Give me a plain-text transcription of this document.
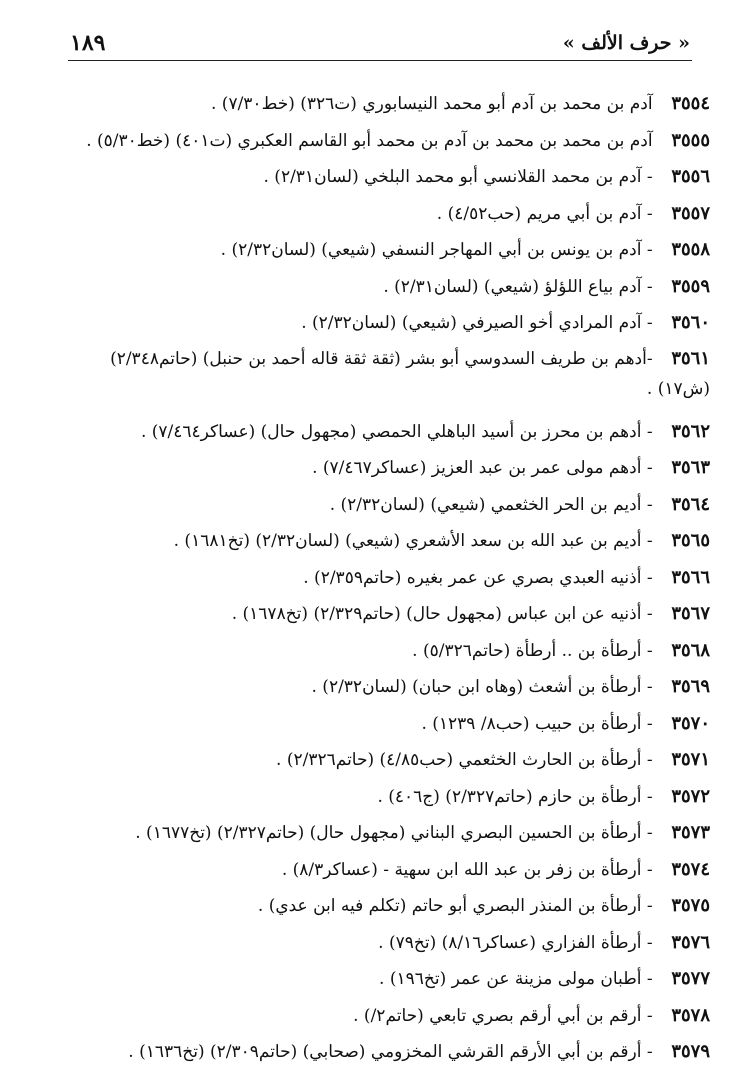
« حرف الألف »
١٨٩
٣٥٥٤ آدم بن محمد بن آدم أبو محمد النيسابوري (ت٣٢٦) (خط٧/٣٠) .
٣٥٥٥ آدم بن محمد بن محمد بن آدم بن محمد أبو القاسم العكبري (ت٤٠١) (خط٥/٣٠) .
٣٥٥٦ - آدم بن محمد القلانسي أبو محمد البلخي (لسان٢/٣١) .
٣٥٥٧ - آدم بن أبي مريم (حب٤/٥٢) .
٣٥٥٨ - آدم بن يونس بن أبي المهاجر النسفي (شيعي) (لسان٢/٣٢) .
٣٥٥٩ - آدم بياع اللؤلؤ (شيعي) (لسان٢/٣١) .
٣٥٦٠ - آدم المرادي أخو الصيرفي (شيعي) (لسان٢/٣٢) .
٣٥٦١ -أدهم بن طريف السدوسي أبو بشر (ثقة ثقة قاله أحمد بن حنبل) (حاتم٢/٣٤٨) (ش١٧) .
٣٥٦٢ - أدهم بن محرز بن أسيد الباهلي الحمصي (مجهول حال) (عساكر٧/٤٦٤) .
٣٥٦٣ - أدهم مولى عمر بن عبد العزيز (عساكر٧/٤٦٧) .
٣٥٦٤ - أديم بن الحر الخثعمي (شيعي) (لسان٢/٣٢) .
٣٥٦٥ - أديم بن عبد الله بن سعد الأشعري (شيعي) (لسان٢/٣٢) (تخ١٦٨١) .
٣٥٦٦ - أذنيه العبدي بصري عن عمر بغيره (حاتم٢/٣٥٩) .
٣٥٦٧ - أذنيه عن ابن عباس (مجهول حال) (حاتم٢/٣٢٩) (تخ١٦٧٨) .
٣٥٦٨ - أرطأة بن .. أرطأة (حاتم٥/٣٢٦) .
٣٥٦٩ - أرطأة بن أشعث (وهاه ابن حبان) (لسان٢/٣٢) .
٣٥٧٠ - أرطأة بن حبيب (حب٨/ ١٢٣٩) .
٣٥٧١ - أرطأة بن الحارث الخثعمي (حب٤/٨٥) (حاتم٢/٣٢٦) .
٣٥٧٢ - أرطأة بن حازم (حاتم٢/٣٢٧) (ج٤٠٦) .
٣٥٧٣ - أرطأة بن الحسين البصري البناني (مجهول حال) (حاتم٢/٣٢٧) (تخ١٦٧٧) .
٣٥٧٤ - أرطأة بن زفر بن عبد الله ابن سهية - (عساكر٨/٣) .
٣٥٧٥ - أرطأة بن المنذر البصري أبو حاتم (تكلم فيه ابن عدي) .
٣٥٧٦ - أرطأة الفزاري (عساكر٨/١٦) (تخ٧٩) .
٣٥٧٧ - أطبان مولى مزينة عن عمر (تخ١٩٦) .
٣٥٧٨ - أرقم بن أبي أرقم بصري تابعي (حاتم٢/) .
٣٥٧٩ - أرقم بن أبي الأرقم القرشي المخزومي (صحابي) (حاتم٢/٣٠٩) (تخ١٦٣٦) .
